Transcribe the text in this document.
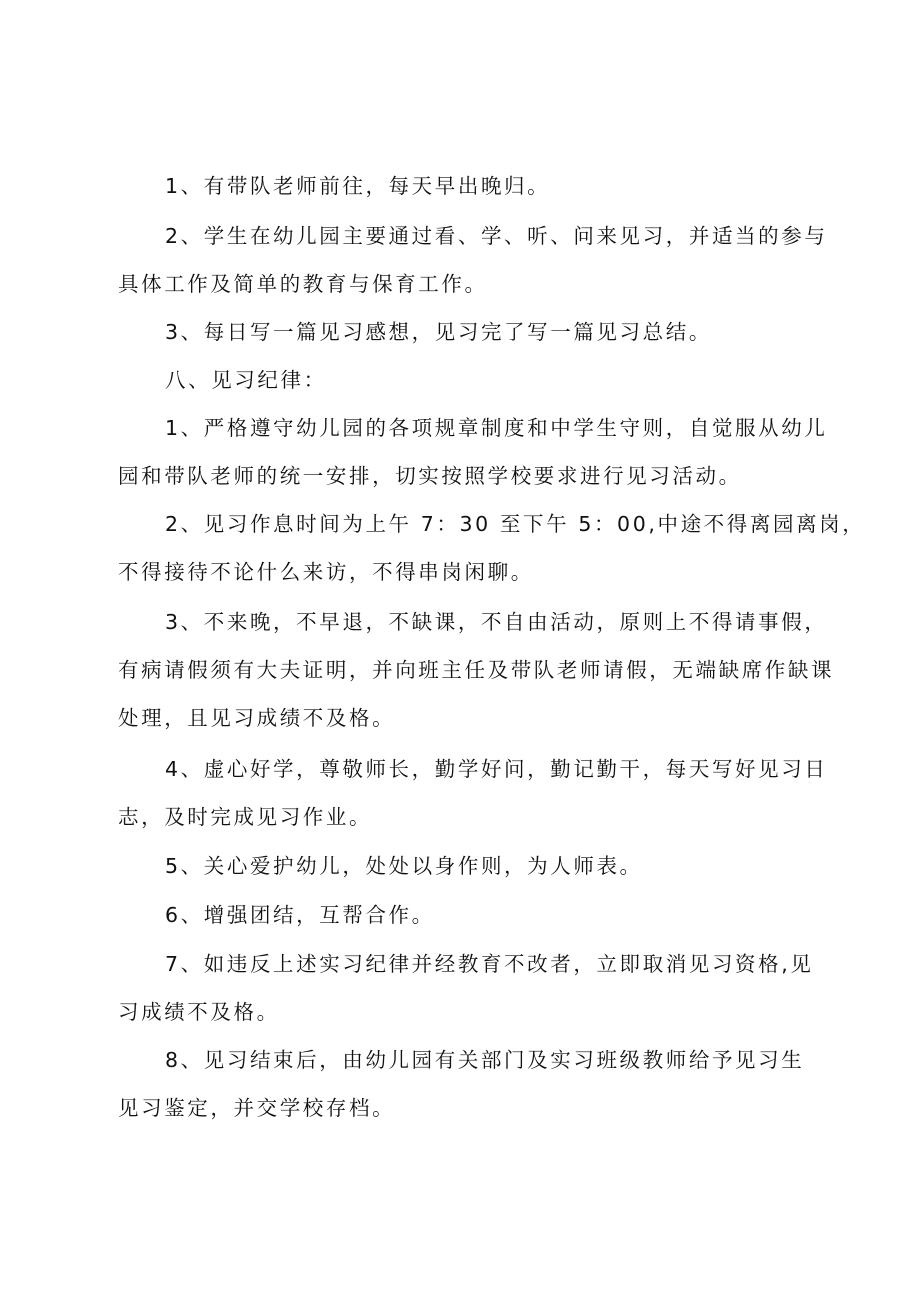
1、有带队老师前往，每天早出晚归。
2、学生在幼儿园主要通过看、学、听、问来见习，并适当的参与
具体工作及简单的教育与保育工作。
3、每日写一篇见习感想，见习完了写一篇见习总结。
八、见习纪律：
1、严格遵守幼儿园的各项规章制度和中学生守则，自觉服从幼儿
园和带队老师的统一安排，切实按照学校要求进行见习活动。
2、见习作息时间为上午 7：30 至下午 5：00,中途不得离园离岗，
不得接待不论什么来访，不得串岗闲聊。
3、不来晚，不早退，不缺课，不自由活动，原则上不得请事假，
有病请假须有大夫证明，并向班主任及带队老师请假，无端缺席作缺课
处理，且见习成绩不及格。
4、虚心好学，尊敬师长，勤学好问，勤记勤干，每天写好见习日
志，及时完成见习作业。
5、关心爱护幼儿，处处以身作则，为人师表。
6、增强团结，互帮合作。
7、如违反上述实习纪律并经教育不改者，立即取消见习资格,见
习成绩不及格。
8、见习结束后，由幼儿园有关部门及实习班级教师给予见习生
见习鉴定，并交学校存档。
